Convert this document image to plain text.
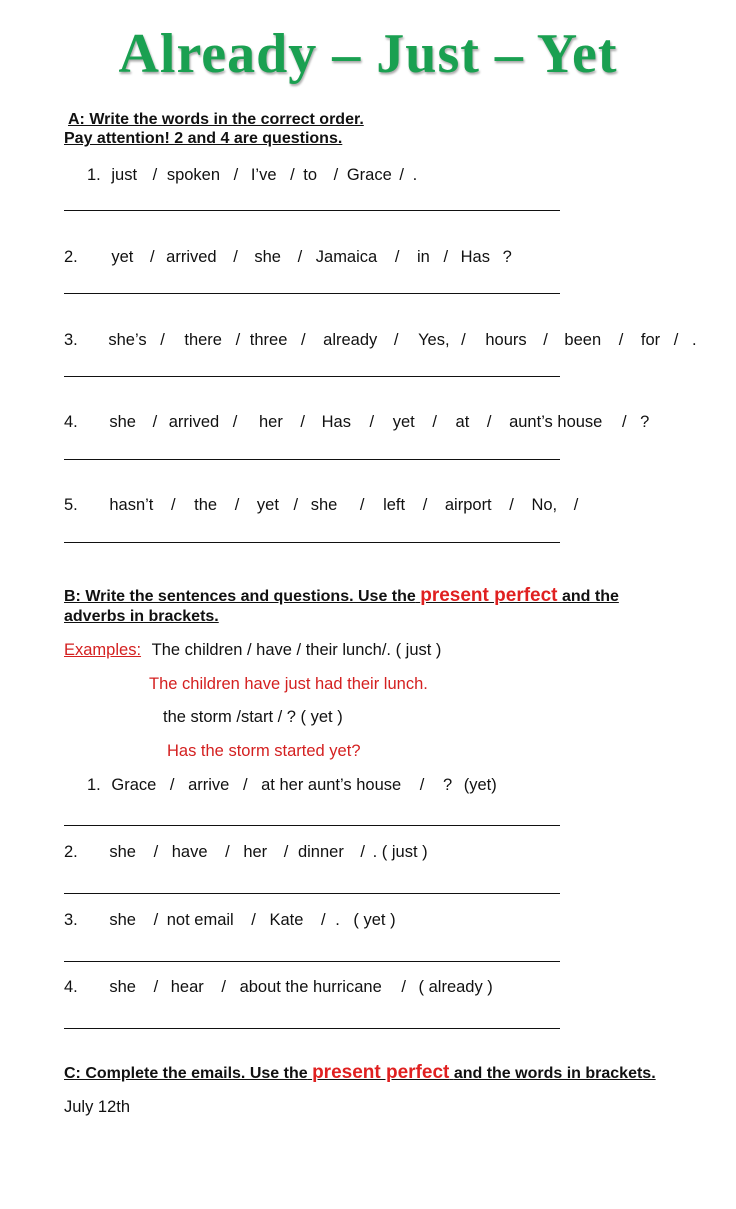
Already – Just – Yet
A: Write the words in the correct order.
Pay attention! 2 and 4 are questions.
1. just / spoken / I’ve / to / Grace / .
2. yet / arrived / she / Jamaica / in / Has ?
3. she’s / there / three / already / Yes, / hours / been / for / .
4. she / arrived / her / Has / yet / at / aunt’s house / ?
5. hasn’t / the / yet / she / left / airport / No, /
B: Write the sentences and questions. Use the present perfect and the
adverbs in brackets.
Examples: The children / have / their lunch/. ( just )
The children have just had their lunch.
the storm /start / ? ( yet )
Has the storm started yet?
1. Grace / arrive / at her aunt’s house / ? (yet)
2. she / have / her / dinner / . ( just )
3. she / not email / Kate / . ( yet )
4. she / hear / about the hurricane / ( already )
C: Complete the emails. Use the present perfect and the words in brackets.
July 12th
